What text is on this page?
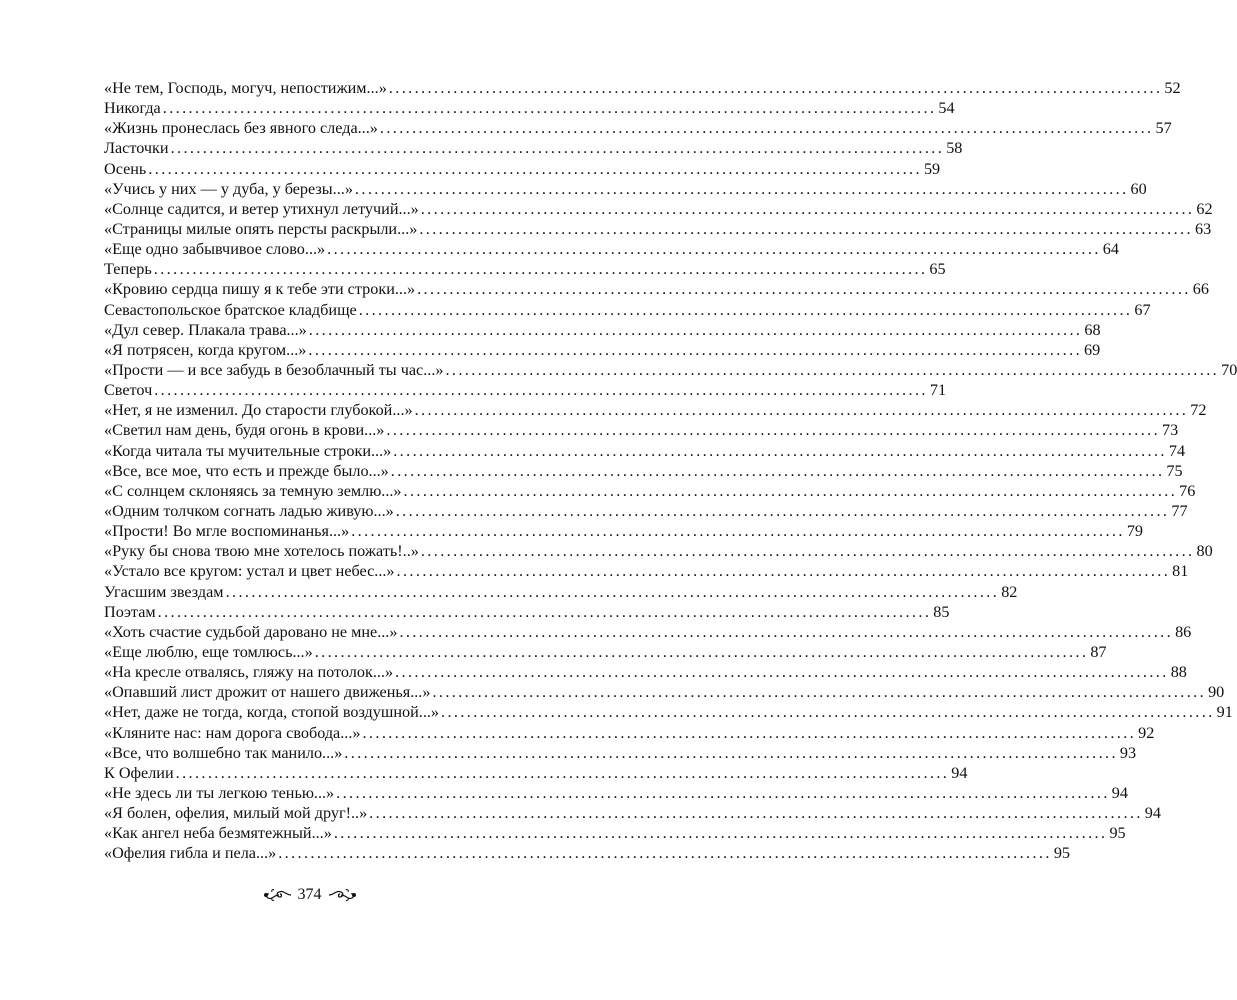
«Не тем, Господь, могуч, непостижим...» ........................................................................................................................ 52
Никогда ........................................................................................................................ 54
«Жизнь пронеслась без явного следа...» ........................................................................................................................ 57
Ласточки ........................................................................................................................ 58
Осень ........................................................................................................................ 59
«Учись у них — у дуба, у березы...» ........................................................................................................................ 60
«Солнце садится, и ветер утихнул летучий...» ........................................................................................................................ 62
«Страницы милые опять персты раскрыли...» ........................................................................................................................ 63
«Еще одно забывчивое слово...» ........................................................................................................................ 64
Теперь ........................................................................................................................ 65
«Кровию сердца пишу я к тебе эти строки...» ........................................................................................................................ 66
Севастопольское братское кладбище ........................................................................................................................ 67
«Дул север. Плакала трава...» ........................................................................................................................ 68
«Я потрясен, когда кругом...» ........................................................................................................................ 69
«Прости — и все забудь в безоблачный ты час...» ........................................................................................................................ 70
Светоч ........................................................................................................................ 71
«Нет, я не изменил. До старости глубокой...» ........................................................................................................................ 72
«Светил нам день, будя огонь в крови...» ........................................................................................................................ 73
«Когда читала ты мучительные строки...» ........................................................................................................................ 74
«Все, все мое, что есть и прежде было...» ........................................................................................................................ 75
«С солнцем склоняясь за темную землю...» ........................................................................................................................ 76
«Одним толчком согнать ладью живую...» ........................................................................................................................ 77
«Прости! Во мгле воспоминанья...» ........................................................................................................................ 79
«Руку бы снова твою мне хотелось пожать!..» ........................................................................................................................ 80
«Устало все кругом: устал и цвет небес...» ........................................................................................................................ 81
Угасшим звездам ........................................................................................................................ 82
Поэтам ........................................................................................................................ 85
«Хоть счастие судьбой даровано не мне...» ........................................................................................................................ 86
«Еще люблю, еще томлюсь...» ........................................................................................................................ 87
«На кресле отвалясь, гляжу на потолок...» ........................................................................................................................ 88
«Опавший лист дрожит от нашего движенья...» ........................................................................................................................ 90
«Нет, даже не тогда, когда, стопой воздушной...» ........................................................................................................................ 91
«Кляните нас: нам дорога свобода...» ........................................................................................................................ 92
«Все, что волшебно так манило...» ........................................................................................................................ 93
К Офелии ........................................................................................................................ 94
«Не здесь ли ты легкою тенью...» ........................................................................................................................ 94
«Я болен, офелия, милый мой друг!..» ........................................................................................................................ 94
«Как ангел неба безмятежный...» ........................................................................................................................ 95
«Офелия гибла и пела...» ........................................................................................................................ 95
374
